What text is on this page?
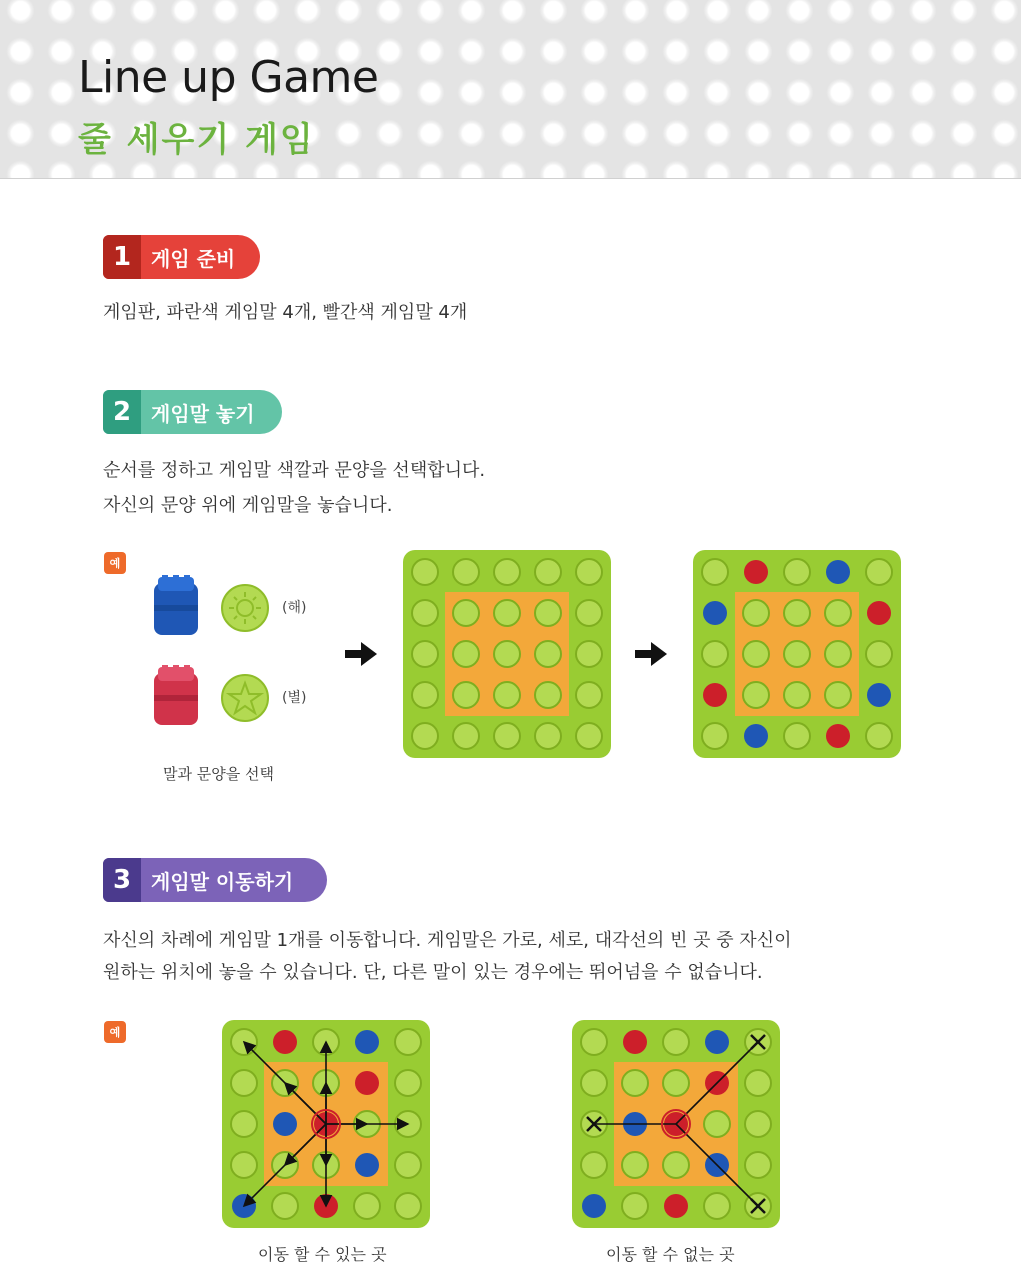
Line up Game
줄 세우기 게임
1 게임 준비
게임판, 파란색 게임말 4개, 빨간색 게임말 4개
2 게임말 놓기
순서를 정하고 게임말 색깔과 문양을 선택합니다.
자신의 문양 위에 게임말을 놓습니다.
예
(해)
(별)
말과 문양을 선택
3 게임말 이동하기
자신의 차례에 게임말 1개를 이동합니다. 게임말은 가로, 세로, 대각선의 빈 곳 중 자신이
원하는 위치에 놓을 수 있습니다. 단, 다른 말이 있는 경우에는 뛰어넘을 수 없습니다.
예
이동 할 수 있는 곳	이동 할 수 없는 곳
